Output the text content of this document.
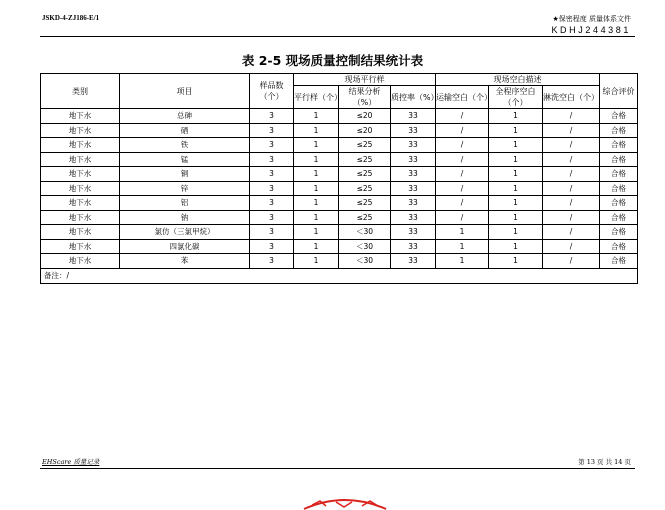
JSKD-4-ZJ186-E/1	★保密程度 质量体系文件
KDHJ244381
表 2-5 现场质量控制结果统计表
类别	项目	样品数（个）	现场平行样			现场空白描述			综合评价
			平行样（个）	结果分析（%）	质控率（%）	运输空白（个）	全程序空白（个）	淋洗空白（个）	
地下水	总砷	3	1	≤20	33	/	1	/	合格
地下水	硒	3	1	≤20	33	/	1	/	合格
地下水	铁	3	1	≤25	33	/	1	/	合格
地下水	锰	3	1	≤25	33	/	1	/	合格
地下水	铜	3	1	≤25	33	/	1	/	合格
地下水	锌	3	1	≤25	33	/	1	/	合格
地下水	铝	3	1	≤25	33	/	1	/	合格
地下水	钠	3	1	≤25	33	/	1	/	合格
地下水	氯仿（三氯甲烷）	3	1	＜30	33	1	1	/	合格
地下水	四氯化碳	3	1	＜30	33	1	1	/	合格
地下水	苯	3	1	＜30	33	1	1	/	合格
备注：/									
EHScare 质量记录	第 13 页 共 14 页
